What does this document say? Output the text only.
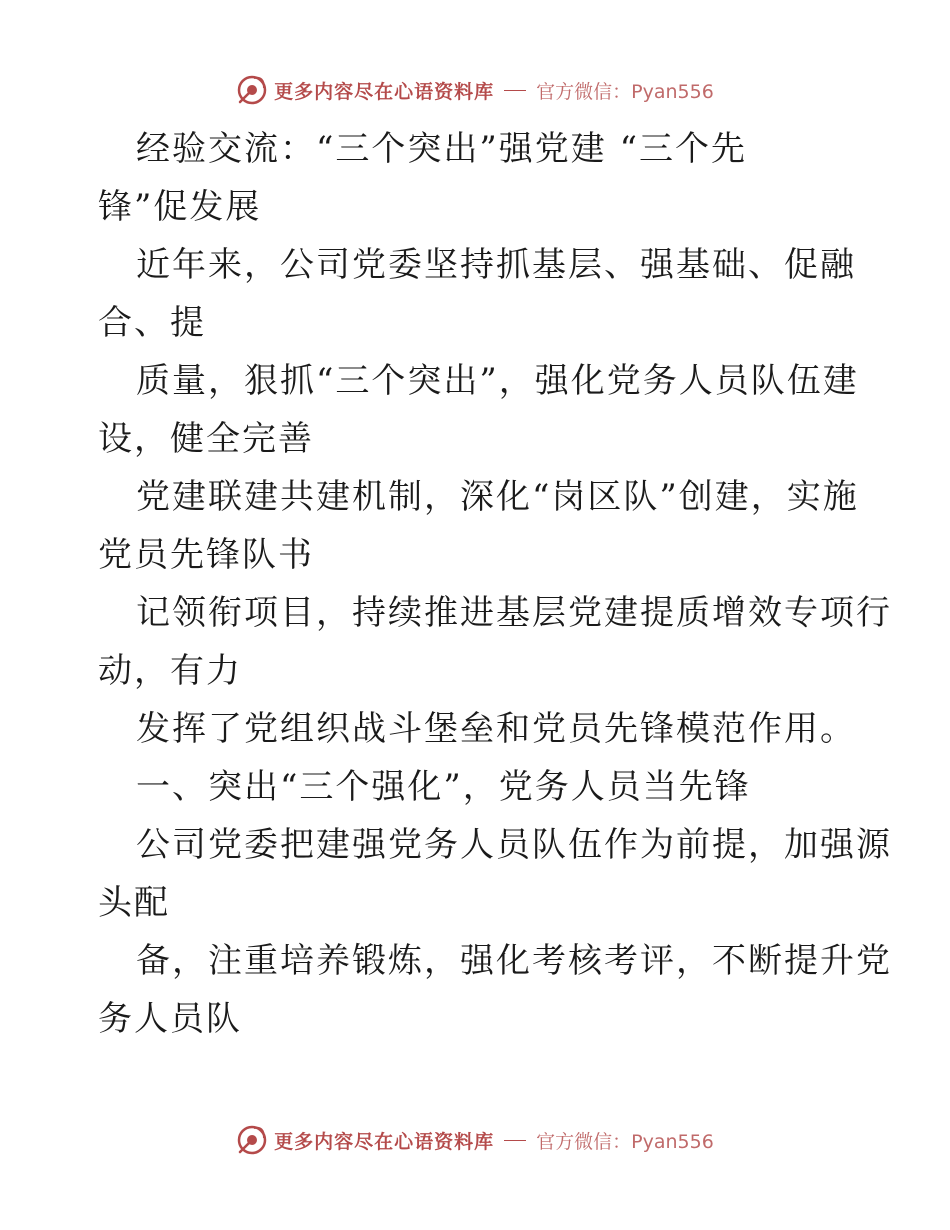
更多内容尽在心语资料库 官方微信：Pyan556
经验交流：“三个突出”强党建 “三个先
锋”促发展
近年来，公司党委坚持抓基层、强基础、促融
合、提
质量，狠抓“三个突出”，强化党务人员队伍建
设，健全完善
党建联建共建机制，深化“岗区队”创建，实施
党员先锋队书
记领衔项目，持续推进基层党建提质增效专项行
动，有力
发挥了党组织战斗堡垒和党员先锋模范作用。
一、突出“三个强化”，党务人员当先锋
公司党委把建强党务人员队伍作为前提，加强源
头配
备，注重培养锻炼，强化考核考评，不断提升党
务人员队
更多内容尽在心语资料库 官方微信：Pyan556
